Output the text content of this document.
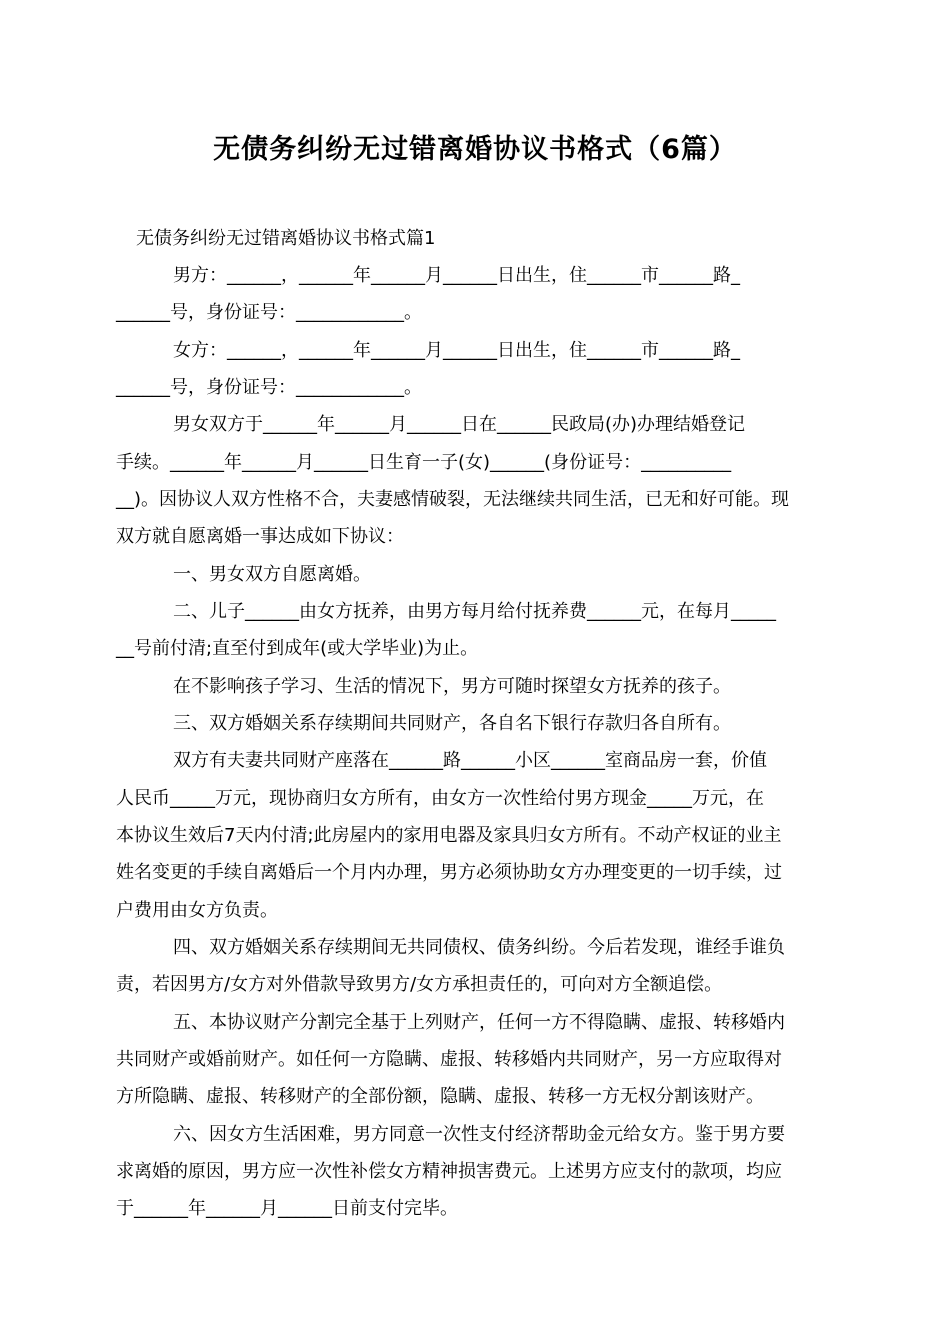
无债务纠纷无过错离婚协议书格式（6篇）
无债务纠纷无过错离婚协议书格式篇1
男方：______，______年______月______日出生，住______市______路_
______号，身份证号：____________。
女方：______，______年______月______日出生，住______市______路_
______号，身份证号：____________。
男女双方于______年______月______日在______民政局(办)办理结婚登记
手续。______年______月______日生育一子(女)______(身份证号：__________
__)。因协议人双方性格不合，夫妻感情破裂，无法继续共同生活，已无和好可能。现
双方就自愿离婚一事达成如下协议：
一、男女双方自愿离婚。
二、儿子______由女方抚养，由男方每月给付抚养费______元，在每月_____
__号前付清;直至付到成年(或大学毕业)为止。
在不影响孩子学习、生活的情况下，男方可随时探望女方抚养的孩子。
三、双方婚姻关系存续期间共同财产，各自名下银行存款归各自所有。
双方有夫妻共同财产座落在______路______小区______室商品房一套，价值
人民币_____万元，现协商归女方所有，由女方一次性给付男方现金_____万元，在
本协议生效后7天内付清;此房屋内的家用电器及家具归女方所有。不动产权证的业主
姓名变更的手续自离婚后一个月内办理，男方必须协助女方办理变更的一切手续，过
户费用由女方负责。
四、双方婚姻关系存续期间无共同债权、债务纠纷。今后若发现，谁经手谁负
责，若因男方/女方对外借款导致男方/女方承担责任的，可向对方全额追偿。
五、本协议财产分割完全基于上列财产，任何一方不得隐瞒、虚报、转移婚内
共同财产或婚前财产。如任何一方隐瞒、虚报、转移婚内共同财产，另一方应取得对
方所隐瞒、虚报、转移财产的全部份额，隐瞒、虚报、转移一方无权分割该财产。
六、因女方生活困难，男方同意一次性支付经济帮助金元给女方。鉴于男方要
求离婚的原因，男方应一次性补偿女方精神损害费元。上述男方应支付的款项，均应
于______年______月______日前支付完毕。
